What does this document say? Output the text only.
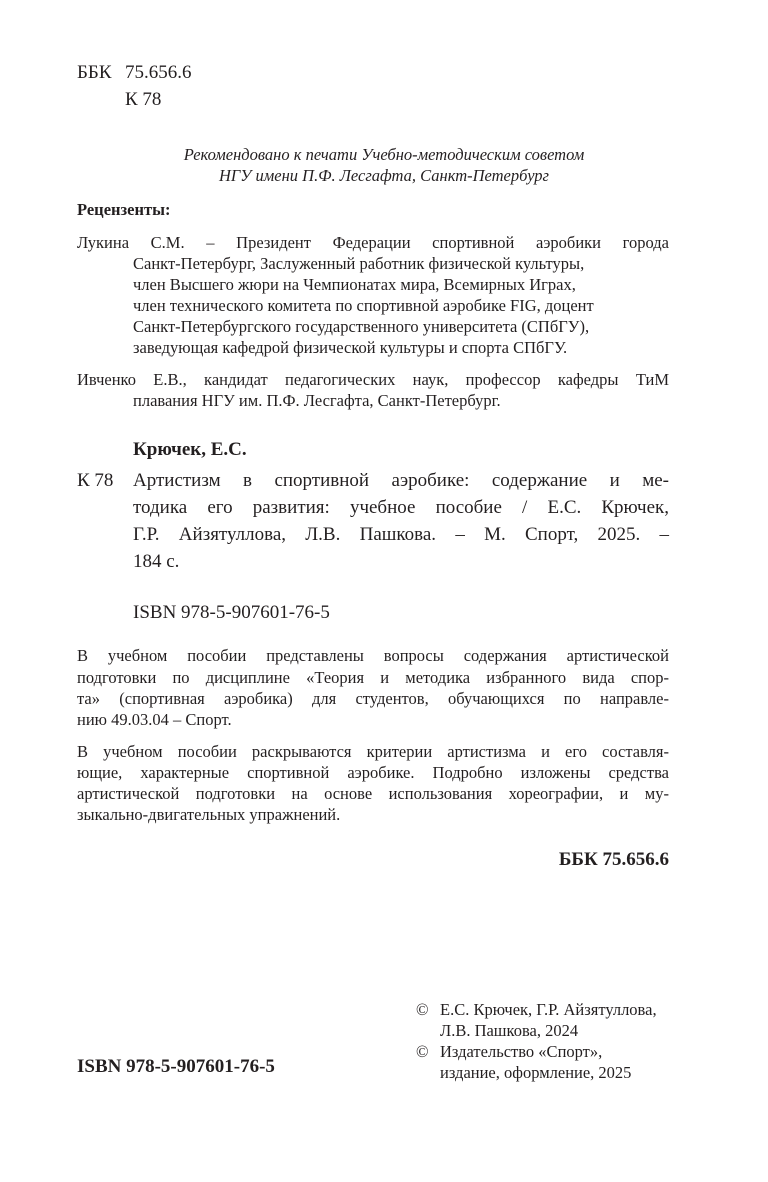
ББК 75.656.6
К 78
Рекомендовано к печати Учебно-методическим советом
НГУ имени П.Ф. Лесгафта, Санкт-Петербург
Рецензенты:
Лукина С.М. – Президент Федерации спортивной аэробики города
Санкт-Петербург, Заслуженный работник физической культуры,
член Высшего жюри на Чемпионатах мира, Всемирных Играх,
член технического комитета по спортивной аэробике FIG, доцент
Санкт-Петербургского государственного университета (СПбГУ),
заведующая кафедрой физической культуры и спорта СПбГУ.
Ивченко Е.В., кандидат педагогических наук, профессор кафедры ТиМ
плавания НГУ им. П.Ф. Лесгафта, Санкт-Петербург.
Крючек, Е.С.
К 78 Артистизм в спортивной аэробике: содержание и ме-
тодика его развития: учебное пособие / Е.С. Крючек,
Г.Р. Айзятуллова, Л.В. Пашкова. – М. Спорт, 2025. –
184 с.
ISBN 978-5-907601-76-5
В учебном пособии представлены вопросы содержания артистической
подготовки по дисциплине «Теория и методика избранного вида спор-
та» (спортивная аэробика) для студентов, обучающихся по направле-
нию 49.03.04 – Спорт.
В учебном пособии раскрываются критерии артистизма и его составля-
ющие, характерные спортивной аэробике. Подробно изложены средства
артистической подготовки на основе использования хореографии, и му-
зыкально-двигательных упражнений.
ББК 75.656.6
ISBN 978-5-907601-76-5
© Е.С. Крючек, Г.Р. Айзятуллова,
Л.В. Пашкова, 2024
© Издательство «Спорт»,
издание, оформление, 2025
